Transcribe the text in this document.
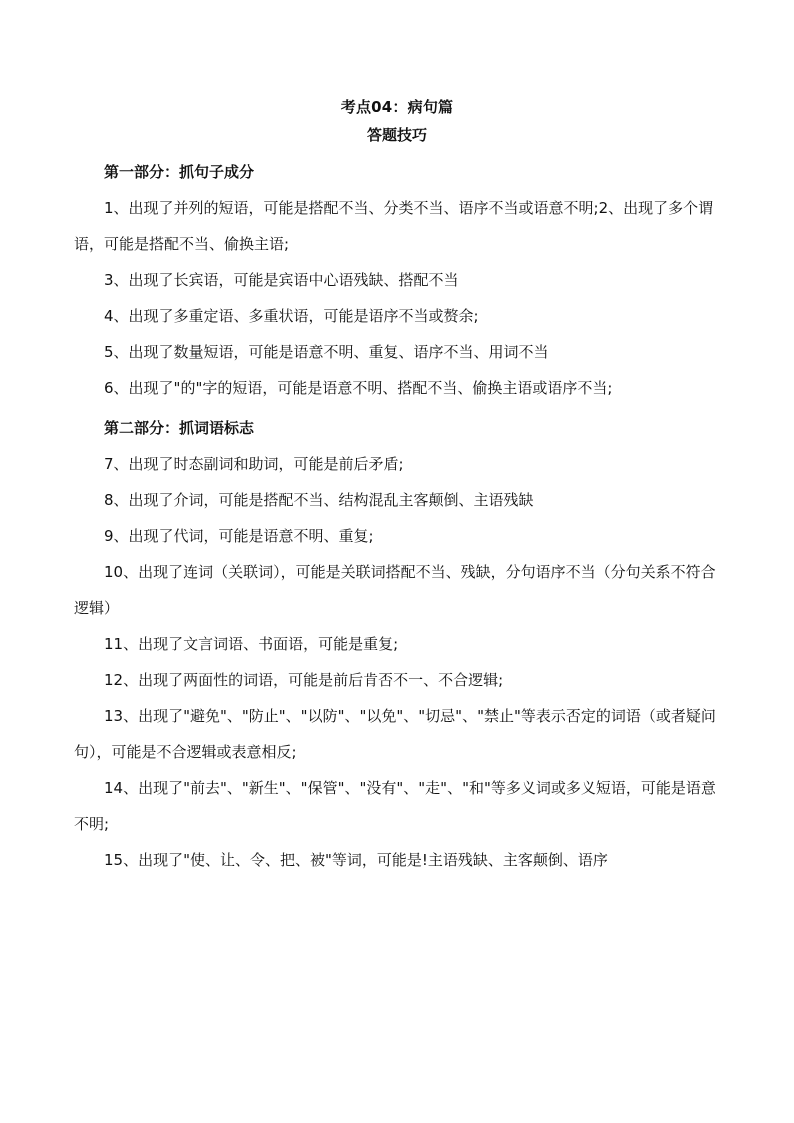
考点04：病句篇
答题技巧

第一部分：抓句子成分

1、出现了并列的短语，可能是搭配不当、分类不当、语序不当或语意不明;2、出现了多个谓语，可能是搭配不当、偷换主语;

3、出现了长宾语，可能是宾语中心语残缺、搭配不当

4、出现了多重定语、多重状语，可能是语序不当或赘余;

5、出现了数量短语，可能是语意不明、重复、语序不当、用词不当

6、出现了"的"字的短语，可能是语意不明、搭配不当、偷换主语或语序不当;

第二部分：抓词语标志

7、出现了时态副词和助词，可能是前后矛盾;

8、出现了介词，可能是搭配不当、结构混乱主客颠倒、主语残缺

9、出现了代词，可能是语意不明、重复;

10、出现了连词（关联词），可能是关联词搭配不当、残缺，分句语序不当（分句关系不符合逻辑）

11、出现了文言词语、书面语，可能是重复;

12、出现了两面性的词语，可能是前后肯否不一、不合逻辑;

13、出现了"避免"、"防止"、"以防"、"以免"、"切忌"、"禁止"等表示否定的词语（或者疑问句），可能是不合逻辑或表意相反;

14、出现了"前去"、"新生"、"保管"、"没有"、"走"、"和"等多义词或多义短语，可能是语意不明;

15、出现了"使、让、令、把、被"等词，可能是!主语残缺、主客颠倒、语序
